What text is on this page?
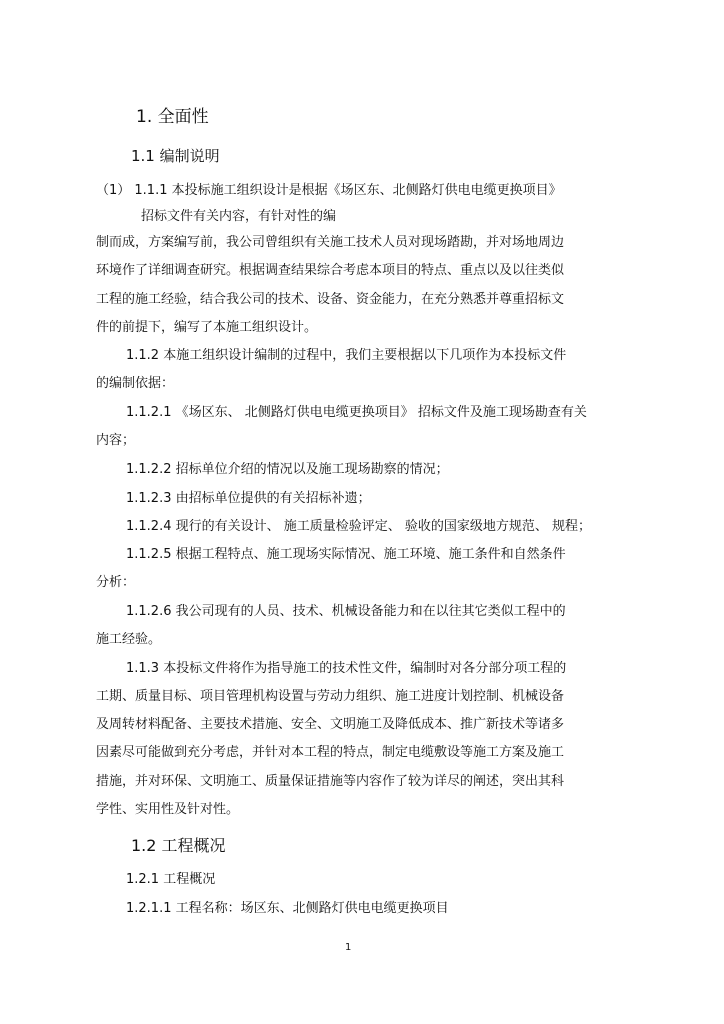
1. 全面性
1.1 编制说明
（1） 1.1.1 本投标施工组织设计是根据《场区东、北侧路灯供电电缆更换项目》
招标文件有关内容，有针对性的编
制而成，方案编写前，我公司曾组织有关施工技术人员对现场踏勘，并对场地周边
环境作了详细调查研究。根据调查结果综合考虑本项目的特点、重点以及以往类似
工程的施工经验，结合我公司的技术、设备、资金能力，在充分熟悉并尊重招标文
件的前提下，编写了本施工组织设计。
1.1.2 本施工组织设计编制的过程中，我们主要根据以下几项作为本投标文件
的编制依据：
1.1.2.1 《场区东、 北侧路灯供电电缆更换项目》 招标文件及施工现场勘查有关
内容；
1.1.2.2 招标单位介绍的情况以及施工现场勘察的情况；
1.1.2.3 由招标单位提供的有关招标补遗；
1.1.2.4 现行的有关设计、 施工质量检验评定、 验收的国家级地方规范、 规程；
1.1.2.5 根据工程特点、施工现场实际情况、施工环境、施工条件和自然条件
分析：
1.1.2.6 我公司现有的人员、技术、机械设备能力和在以往其它类似工程中的
施工经验。
1.1.3 本投标文件将作为指导施工的技术性文件，编制时对各分部分项工程的
工期、质量目标、项目管理机构设置与劳动力组织、施工进度计划控制、机械设备
及周转材料配备、主要技术措施、安全、文明施工及降低成本、推广新技术等诸多
因素尽可能做到充分考虑，并针对本工程的特点，制定电缆敷设等施工方案及施工
措施，并对环保、文明施工、质量保证措施等内容作了较为详尽的阐述，突出其科
学性、实用性及针对性。
1.2 工程概况
1.2.1 工程概况
1.2.1.1 工程名称：场区东、北侧路灯供电电缆更换项目
1
